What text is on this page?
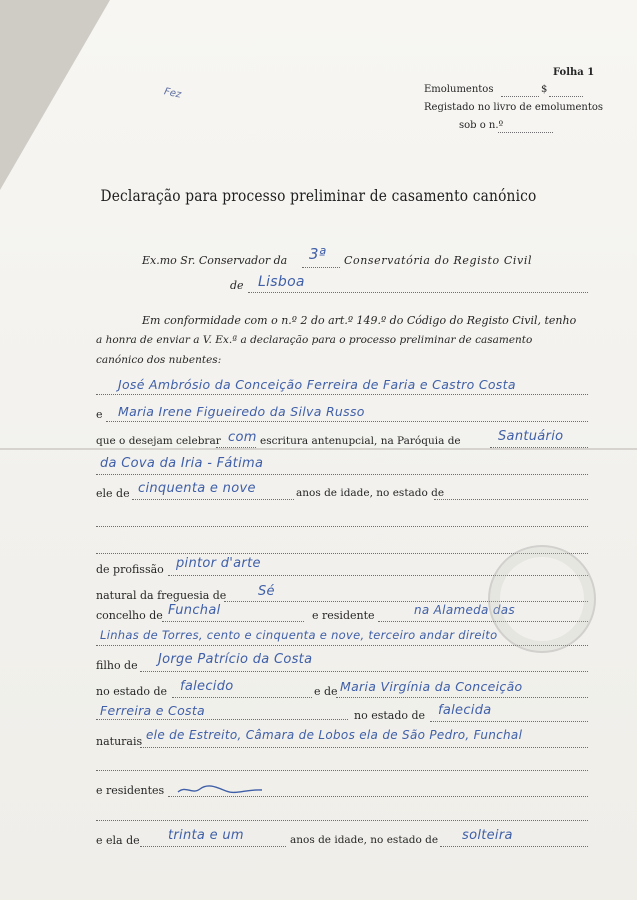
Folha 1
Emolumentos	$
Registado no livro de emolumentos
sob o n.º
Fez
Declaração para processo preliminar de casamento canónico
Ex.mo Sr. Conservador da 3ª Conservatória do Registo Civil
de Lisboa
Em conformidade com o n.º 2 do art.º 149.º do Código do Registo Civil, tenho
a honra de enviar a V. Ex.ª a declaração para o processo preliminar de casamento
canónico dos nubentes:
José Ambrósio da Conceição Ferreira de Faria e Castro Costa
e Maria Irene Figueiredo da Silva Russo
que o desejam celebrar com escritura antenupcial, na Paróquia de	Santuário
da Cova da Iria - Fátima
ele de cinquenta e nove	anos de idade, no estado de
de profissão pintor d'arte
natural da freguesia de Sé
concelho de Funchal	e residente	na Alameda das
Linhas de Torres, cento e cinquenta e nove, terceiro andar direito
filho de Jorge Patrício da Costa
no estado de falecido	e de Maria Virgínia da Conceição
Ferreira e Costa	no estado de falecida
naturais ele de Estreito, Câmara de Lobos ela de São Pedro, Funchal
e residentes
e ela de trinta e um	anos de idade, no estado de solteira
